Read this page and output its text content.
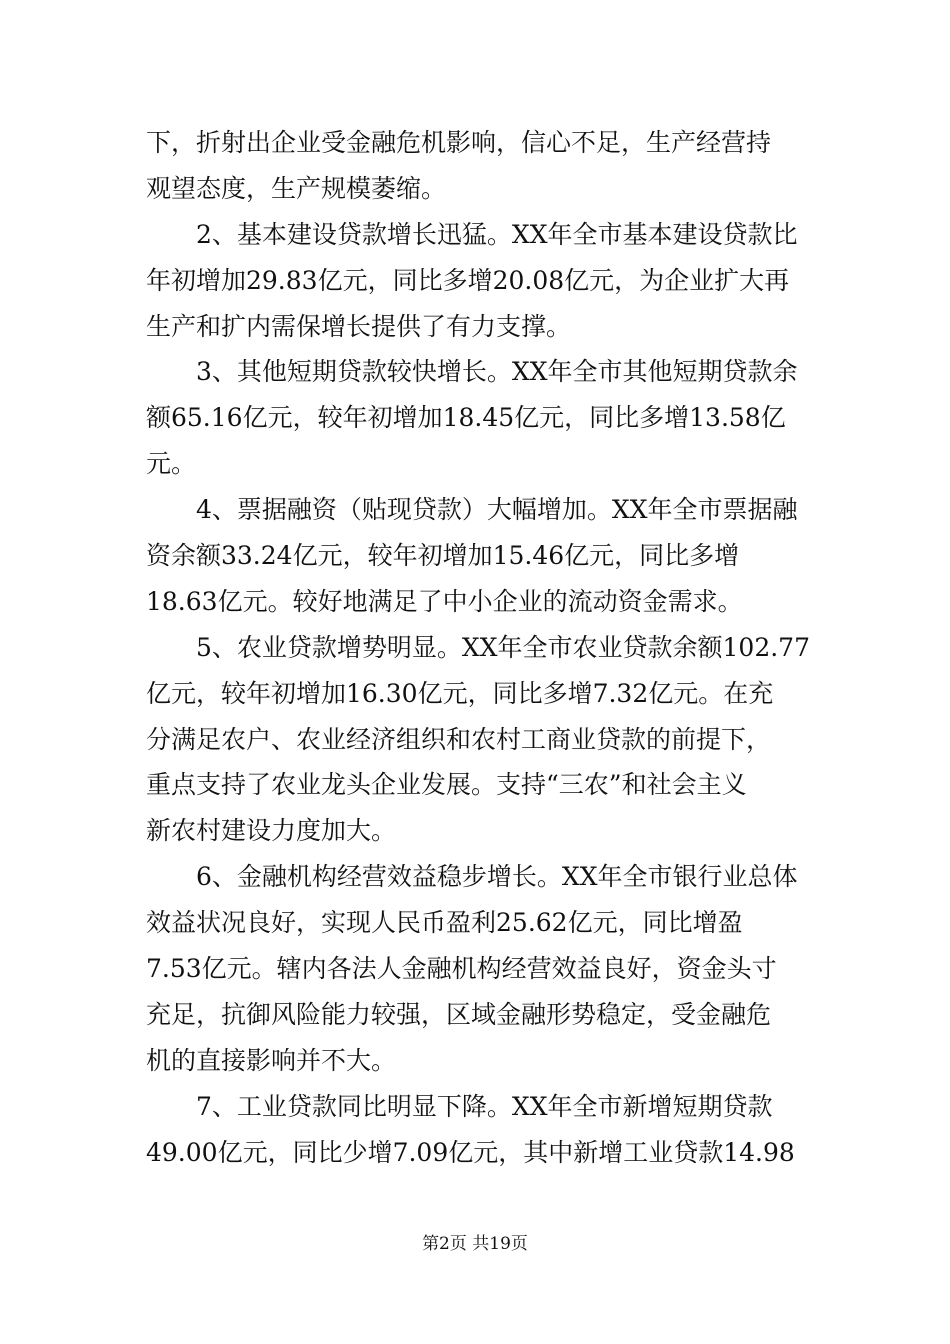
下，折射出企业受金融危机影响，信心不足，生产经营持
观望态度，生产规模萎缩。
2、基本建设贷款增长迅猛。XX年全市基本建设贷款比
年初增加29.83亿元，同比多增20.08亿元，为企业扩大再
生产和扩内需保增长提供了有力支撑。
3、其他短期贷款较快增长。XX年全市其他短期贷款余
额65.16亿元，较年初增加18.45亿元，同比多增13.58亿
元。
4、票据融资（贴现贷款）大幅增加。XX年全市票据融
资余额33.24亿元，较年初增加15.46亿元，同比多增
18.63亿元。较好地满足了中小企业的流动资金需求。
5、农业贷款增势明显。XX年全市农业贷款余额102.77
亿元，较年初增加16.30亿元，同比多增7.32亿元。在充
分满足农户、农业经济组织和农村工商业贷款的前提下，
重点支持了农业龙头企业发展。支持“三农”和社会主义
新农村建设力度加大。
6、金融机构经营效益稳步增长。XX年全市银行业总体
效益状况良好，实现人民币盈利25.62亿元，同比增盈
7.53亿元。辖内各法人金融机构经营效益良好，资金头寸
充足，抗御风险能力较强，区域金融形势稳定，受金融危
机的直接影响并不大。
7、工业贷款同比明显下降。XX年全市新增短期贷款
49.00亿元，同比少增7.09亿元，其中新增工业贷款14.98
第2页 共19页
